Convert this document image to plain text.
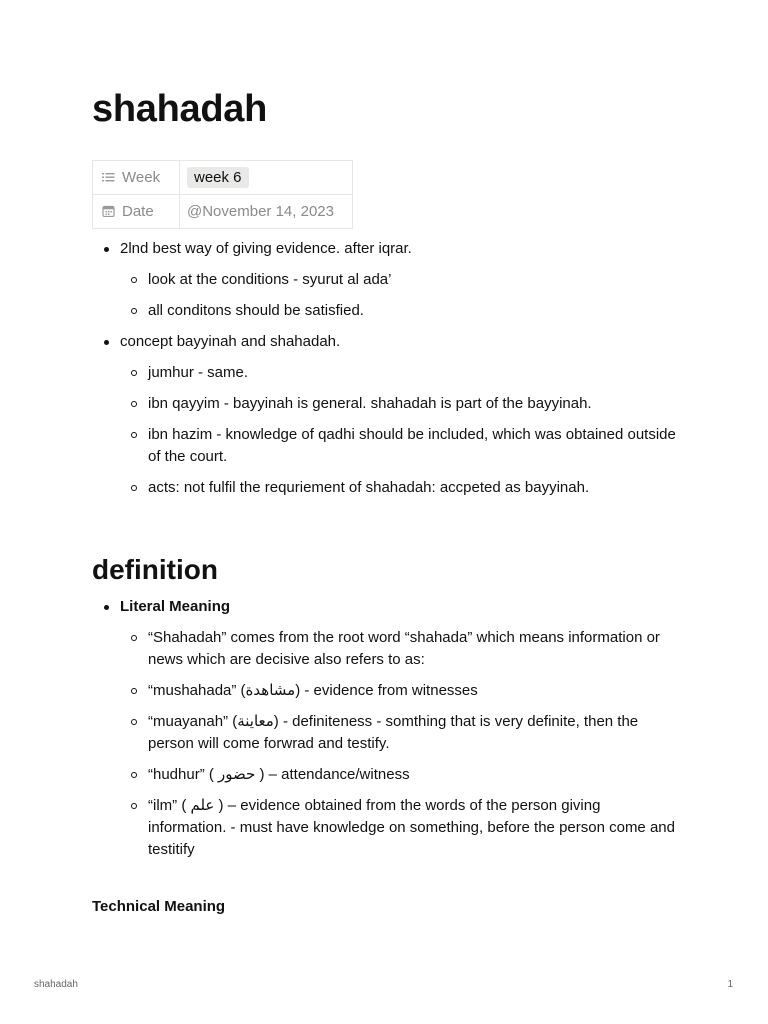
shahadah
Week	week 6
Date	@November 14, 2023
2lnd best way of giving evidence. after iqrar.
look at the conditions - syurut al ada’
all conditons should be satisfied.
concept bayyinah and shahadah.
jumhur - same.
ibn qayyim - bayyinah is general. shahadah is part of the bayyinah.
ibn hazim - knowledge of qadhi should be included, which was obtained outside of the court.
acts: not fulfil the requriement of shahadah: accpeted as bayyinah.
definition
Literal Meaning
“Shahadah” comes from the root word “shahada” which means information or news which are decisive also refers to as:
“mushahada” (مشاهدة) - evidence from witnesses
“muayanah” (معاينة) - definiteness - somthing that is very definite, then the person will come forwrad and testify.
“hudhur” ( حضور ) – attendance/witness
“ilm” ( علم ) – evidence obtained from the words of the person giving information. - must have knowledge on something, before the person come and testitify
Technical Meaning
shahadah	1
